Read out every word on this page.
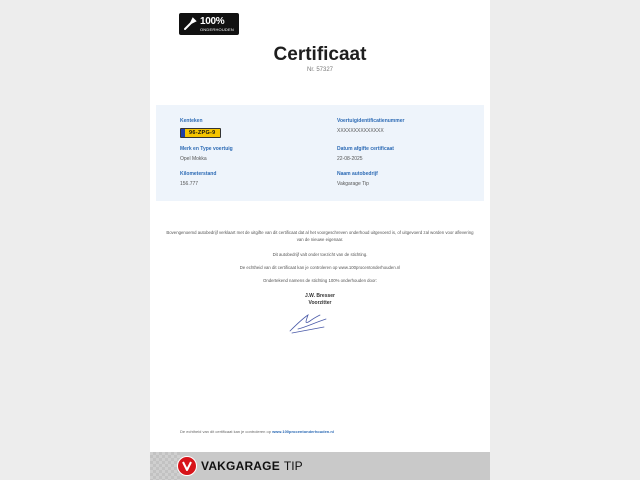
100%
ONDERHOUDEN
Certificaat
Nr. 57327
Kenteken
96-ZPG-9
Voertuigidentificatienummer
XXXXXXXXXXXXXX
Merk en Type voertuig
Opel Mokka
Datum afgifte certificaat
22-08-2025
Kilometerstand
156.777
Naam autobedrijf
Vakgarage Tip
Bovengenoemd autobedrijf verklaart met de uitgifte van dit certificaat dat al het voorgeschreven onderhoud uitgevoerd is, of uitgevoerd zal worden voor aflevering van de nieuwe eigenaar.
Dit autobedrijf valt onder toezicht van de stichting.
De echtheid van dit certificaat kan je controleren op www.100procentonderhouden.nl
Ondertekend namens de stichting 100% onderhouden door:
J.W. Bresser
Voorzitter
De echtheid van dit certificaat kan je controleren op www.100procentonderhouden.nl
VAKGARAGE TIP
